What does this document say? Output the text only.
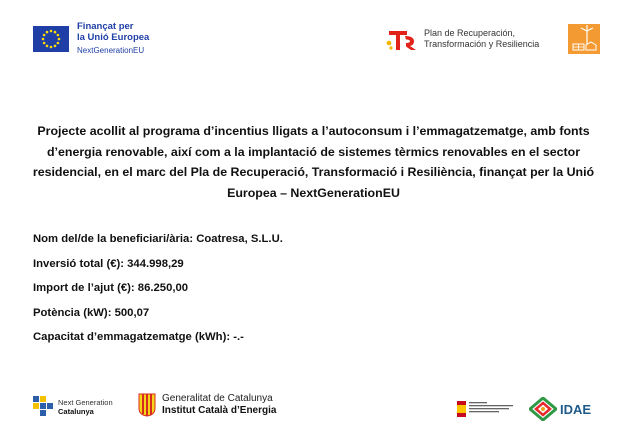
Finançat per
la Unió Europea
NextGenerationEU
Plan de Recuperación,
Transformación y Resiliencia
Projecte acollit al programa d’incentius lligats a l’autoconsum i l’emmagatzematge, amb fonts d’energia renovable, així com a la implantació de sistemes tèrmics renovables en el sector residencial, en el marc del Pla de Recuperació, Transformació i Resiliència, finançat per la Unió Europea – NextGenerationEU
Nom del/de la beneficiari/ària: Coatresa, S.L.U.
Inversió total (€): 344.998,29
Import de l’ajut (€): 86.250,00
Potència (kW): 500,07
Capacitat d’emmagatzematge (kWh): -.-
Next Generation
Catalunya
Generalitat de Catalunya
Institut Català d’Energia	IDAE
